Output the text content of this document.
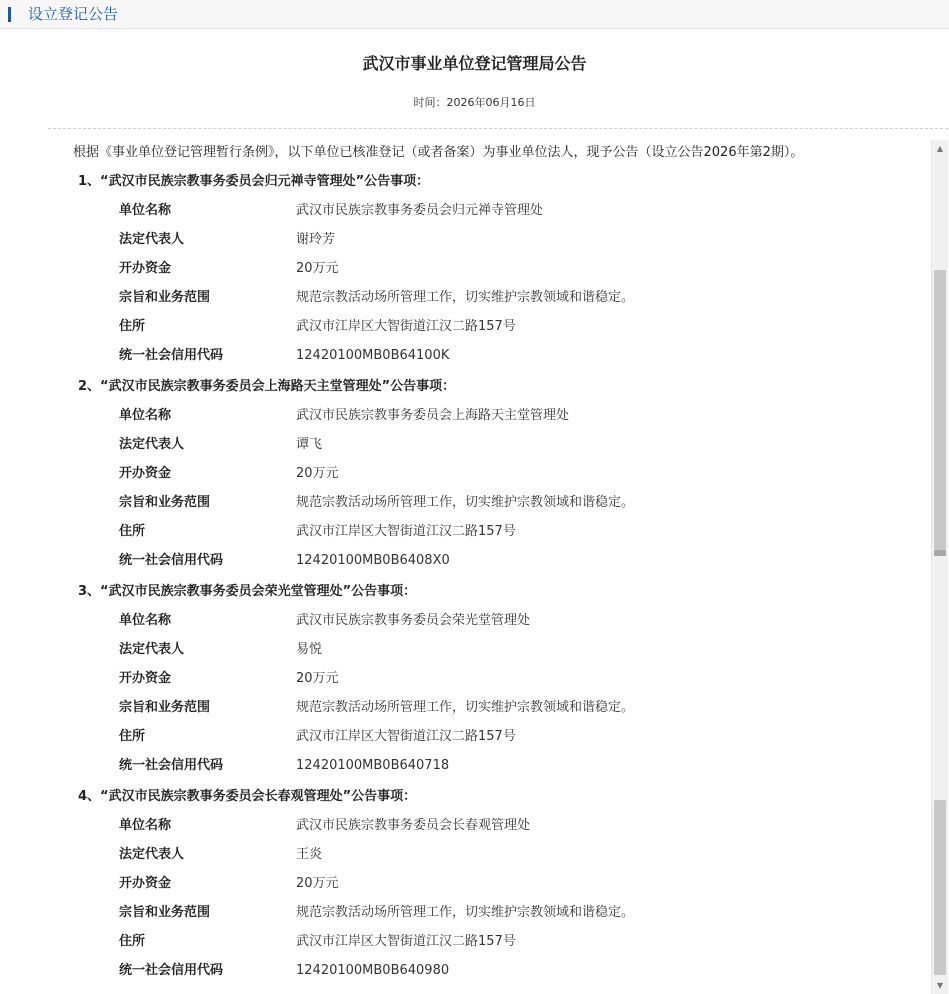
设立登记公告
武汉市事业单位登记管理局公告
时间：2026年06月16日
根据《事业单位登记管理暂行条例》，以下单位已核准登记（或者备案）为事业单位法人，现予公告（设立公告2026年第2期）。
1、“武汉市民族宗教事务委员会归元禅寺管理处”公告事项：
单位名称	武汉市民族宗教事务委员会归元禅寺管理处
法定代表人	谢玲芳
开办资金	20万元
宗旨和业务范围	规范宗教活动场所管理工作，切实维护宗教领域和谐稳定。
住所	武汉市江岸区大智街道江汉二路157号
统一社会信用代码	12420100MB0B64100K
2、“武汉市民族宗教事务委员会上海路天主堂管理处”公告事项：
单位名称	武汉市民族宗教事务委员会上海路天主堂管理处
法定代表人	谭飞
开办资金	20万元
宗旨和业务范围	规范宗教活动场所管理工作，切实维护宗教领域和谐稳定。
住所	武汉市江岸区大智街道江汉二路157号
统一社会信用代码	12420100MB0B6408X0
3、“武汉市民族宗教事务委员会荣光堂管理处”公告事项：
单位名称	武汉市民族宗教事务委员会荣光堂管理处
法定代表人	易悦
开办资金	20万元
宗旨和业务范围	规范宗教活动场所管理工作，切实维护宗教领域和谐稳定。
住所	武汉市江岸区大智街道江汉二路157号
统一社会信用代码	12420100MB0B640718
4、“武汉市民族宗教事务委员会长春观管理处”公告事项：
单位名称	武汉市民族宗教事务委员会长春观管理处
法定代表人	王炎
开办资金	20万元
宗旨和业务范围	规范宗教活动场所管理工作，切实维护宗教领域和谐稳定。
住所	武汉市江岸区大智街道江汉二路157号
统一社会信用代码	12420100MB0B640980
▲
▼
